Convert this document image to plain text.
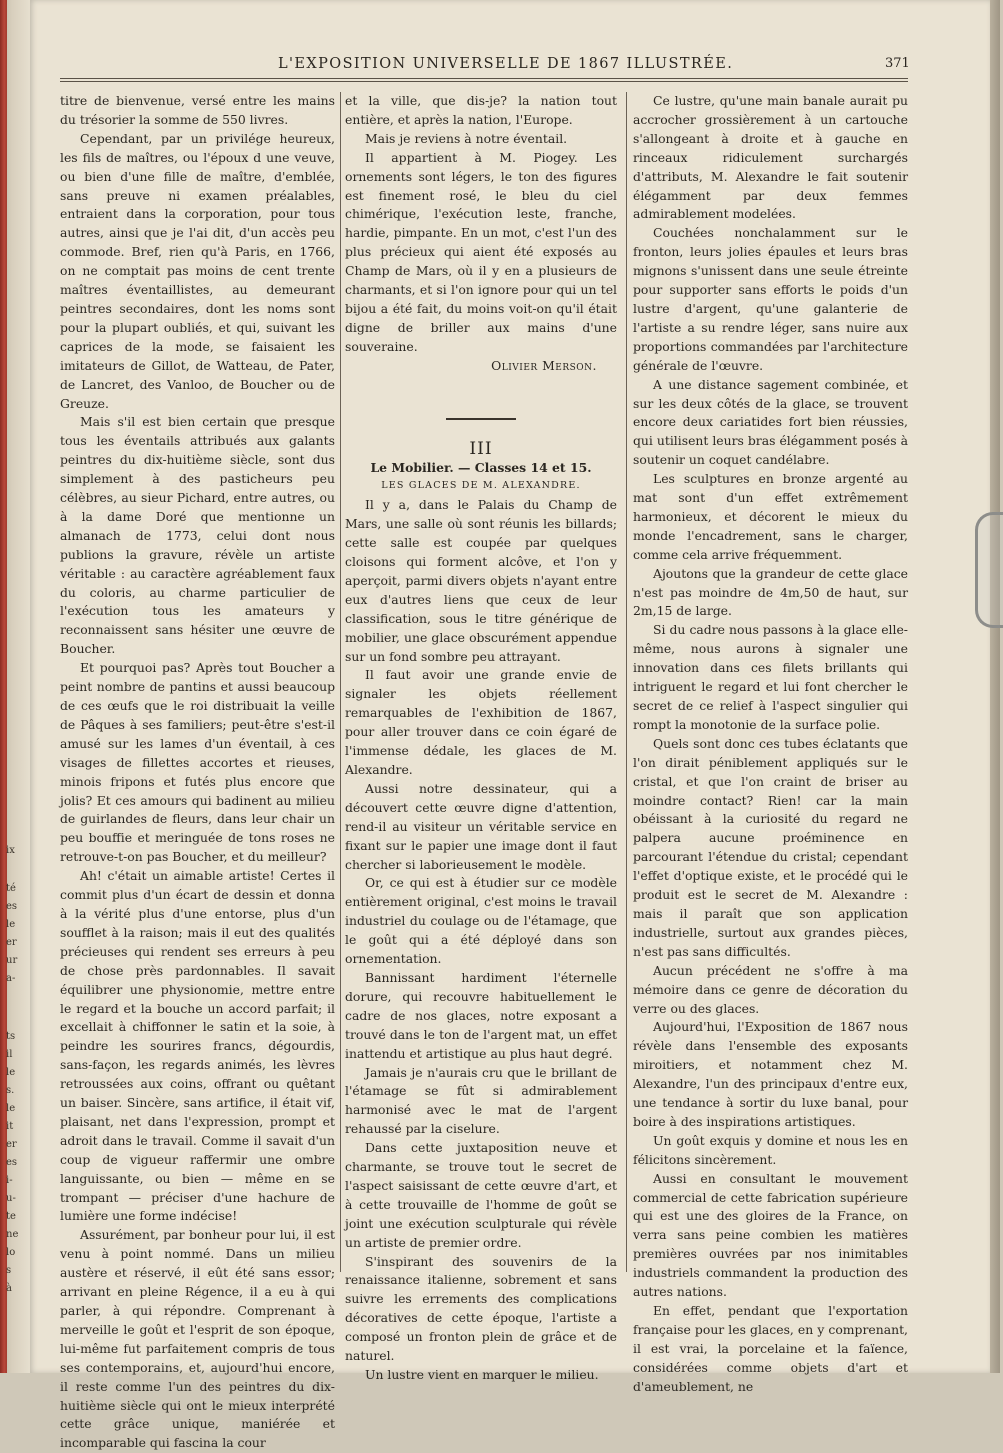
ix
té
es
le
er
ur
a-
ts
il
le
s.
le
it
er
es
i-
u-
te
ne
lo
s
à
L'EXPOSITION UNIVERSELLE DE 1867 ILLUSTRÉE.	371

titre de bienvenue, versé entre les mains du trésorier la somme de 550 livres.

Cependant, par un privilége heureux, les fils de maîtres, ou l'époux d une veuve, ou bien d'une fille de maître, d'emblée, sans preuve ni examen préalables, entraient dans la corporation, pour tous autres, ainsi que je l'ai dit, d'un accès peu commode. Bref, rien qu'à Paris, en 1766, on ne comptait pas moins de cent trente maîtres éventaillistes, au demeurant peintres secondaires, dont les noms sont pour la plupart oubliés, et qui, suivant les caprices de la mode, se faisaient les imitateurs de Gillot, de Watteau, de Pater, de Lancret, des Vanloo, de Boucher ou de Greuze.

Mais s'il est bien certain que presque tous les éventails attribués aux galants peintres du dix-huitième siècle, sont dus simplement à des pasticheurs peu célèbres, au sieur Pichard, entre autres, ou à la dame Doré que mentionne un almanach de 1773, celui dont nous publions la gravure, révèle un artiste véritable : au caractère agréablement faux du coloris, au charme particulier de l'exécution tous les amateurs y reconnaissent sans hésiter une œuvre de Boucher.

Et pourquoi pas? Après tout Boucher a peint nombre de pantins et aussi beaucoup de ces œufs que le roi distribuait la veille de Pâques à ses familiers; peut-être s'est-il amusé sur les lames d'un éventail, à ces visages de fillettes accortes et rieuses, minois fripons et futés plus encore que jolis? Et ces amours qui badinent au milieu de guirlandes de fleurs, dans leur chair un peu bouffie et meringuée de tons roses ne retrouve-t-on pas Boucher, et du meilleur?

Ah! c'était un aimable artiste! Certes il commit plus d'un écart de dessin et donna à la vérité plus d'une entorse, plus d'un soufflet à la raison; mais il eut des qualités précieuses qui rendent ses erreurs à peu de chose près pardonnables. Il savait équilibrer une physionomie, mettre entre le regard et la bouche un accord parfait; il excellait à chiffonner le satin et la soie, à peindre les sourires francs, dégourdis, sans-façon, les regards animés, les lèvres retroussées aux coins, offrant ou quêtant un baiser. Sincère, sans artifice, il était vif, plaisant, net dans l'expression, prompt et adroit dans le travail. Comme il savait d'un coup de vigueur raffermir une ombre languissante, ou bien — même en se trompant — préciser d'une hachure de lumière une forme indécise!

Assurément, par bonheur pour lui, il est venu à point nommé. Dans un milieu austère et réservé, il eût été sans essor; arrivant en pleine Régence, il a eu à qui parler, à qui répondre. Comprenant à merveille le goût et l'esprit de son époque, lui-même fut parfaitement compris de tous ses contemporains, et, aujourd'hui encore, il reste comme l'un des peintres du dix-huitième siècle qui ont le mieux interprété cette grâce unique, maniérée et incomparable qui fascina la cour

et la ville, que dis-je? la nation tout entière, et après la nation, l'Europe.

Mais je reviens à notre éventail.

Il appartient à M. Piogey. Les ornements sont légers, le ton des figures est finement rosé, le bleu du ciel chimérique, l'exécution leste, franche, hardie, pimpante. En un mot, c'est l'un des plus précieux qui aient été exposés au Champ de Mars, où il y en a plusieurs de charmants, et si l'on ignore pour qui un tel bijou a été fait, du moins voit-on qu'il était digne de briller aux mains d'une souveraine.

Olivier Merson.

III

Le Mobilier. — Classes 14 et 15.

LES GLACES DE M. ALEXANDRE.

Il y a, dans le Palais du Champ de Mars, une salle où sont réunis les billards; cette salle est coupée par quelques cloisons qui forment alcôve, et l'on y aperçoit, parmi divers objets n'ayant entre eux d'autres liens que ceux de leur classification, sous le titre générique de mobilier, une glace obscurément appendue sur un fond sombre peu attrayant.

Il faut avoir une grande envie de signaler les objets réellement remarquables de l'exhibition de 1867, pour aller trouver dans ce coin égaré de l'immense dédale, les glaces de M. Alexandre.

Aussi notre dessinateur, qui a découvert cette œuvre digne d'attention, rend-il au visiteur un véritable service en fixant sur le papier une image dont il faut chercher si laborieusement le modèle.

Or, ce qui est à étudier sur ce modèle entièrement original, c'est moins le travail industriel du coulage ou de l'étamage, que le goût qui a été déployé dans son ornementation.

Bannissant hardiment l'éternelle dorure, qui recouvre habituellement le cadre de nos glaces, notre exposant a trouvé dans le ton de l'argent mat, un effet inattendu et artistique au plus haut degré.

Jamais je n'aurais cru que le brillant de l'étamage se fût si admirablement harmonisé avec le mat de l'argent rehaussé par la ciselure.

Dans cette juxtaposition neuve et charmante, se trouve tout le secret de l'aspect saisissant de cette œuvre d'art, et à cette trouvaille de l'homme de goût se joint une exécution sculpturale qui révèle un artiste de premier ordre.

S'inspirant des souvenirs de la renaissance italienne, sobrement et sans suivre les errements des complications décoratives de cette époque, l'artiste a composé un fronton plein de grâce et de naturel.

Un lustre vient en marquer le milieu.

Ce lustre, qu'une main banale aurait pu accrocher grossièrement à un cartouche s'allongeant à droite et à gauche en rinceaux ridiculement surchargés d'attributs, M. Alexandre le fait soutenir élégamment par deux femmes admirablement modelées.

Couchées nonchalamment sur le fronton, leurs jolies épaules et leurs bras mignons s'unissent dans une seule étreinte pour supporter sans efforts le poids d'un lustre d'argent, qu'une galanterie de l'artiste a su rendre léger, sans nuire aux proportions commandées par l'architecture générale de l'œuvre.

A une distance sagement combinée, et sur les deux côtés de la glace, se trouvent encore deux cariatides fort bien réussies, qui utilisent leurs bras élégamment posés à soutenir un coquet candélabre.

Les sculptures en bronze argenté au mat sont d'un effet extrêmement harmonieux, et décorent le mieux du monde l'encadrement, sans le charger, comme cela arrive fréquemment.

Ajoutons que la grandeur de cette glace n'est pas moindre de 4m,50 de haut, sur 2m,15 de large.

Si du cadre nous passons à la glace elle-même, nous aurons à signaler une innovation dans ces filets brillants qui intriguent le regard et lui font chercher le secret de ce relief à l'aspect singulier qui rompt la monotonie de la surface polie.

Quels sont donc ces tubes éclatants que l'on dirait péniblement appliqués sur le cristal, et que l'on craint de briser au moindre contact? Rien! car la main obéissant à la curiosité du regard ne palpera aucune proéminence en parcourant l'étendue du cristal; cependant l'effet d'optique existe, et le procédé qui le produit est le secret de M. Alexandre : mais il paraît que son application industrielle, surtout aux grandes pièces, n'est pas sans difficultés.

Aucun précédent ne s'offre à ma mémoire dans ce genre de décoration du verre ou des glaces.

Aujourd'hui, l'Exposition de 1867 nous révèle dans l'ensemble des exposants miroitiers, et notamment chez M. Alexandre, l'un des principaux d'entre eux, une tendance à sortir du luxe banal, pour boire à des inspirations artistiques.

Un goût exquis y domine et nous les en félicitons sincèrement.

Aussi en consultant le mouvement commercial de cette fabrication supérieure qui est une des gloires de la France, on verra sans peine combien les matières premières ouvrées par nos inimitables industriels commandent la production des autres nations.

En effet, pendant que l'exportation française pour les glaces, en y comprenant, il est vrai, la porcelaine et la faïence, considérées comme objets d'art et d'ameublement, ne
